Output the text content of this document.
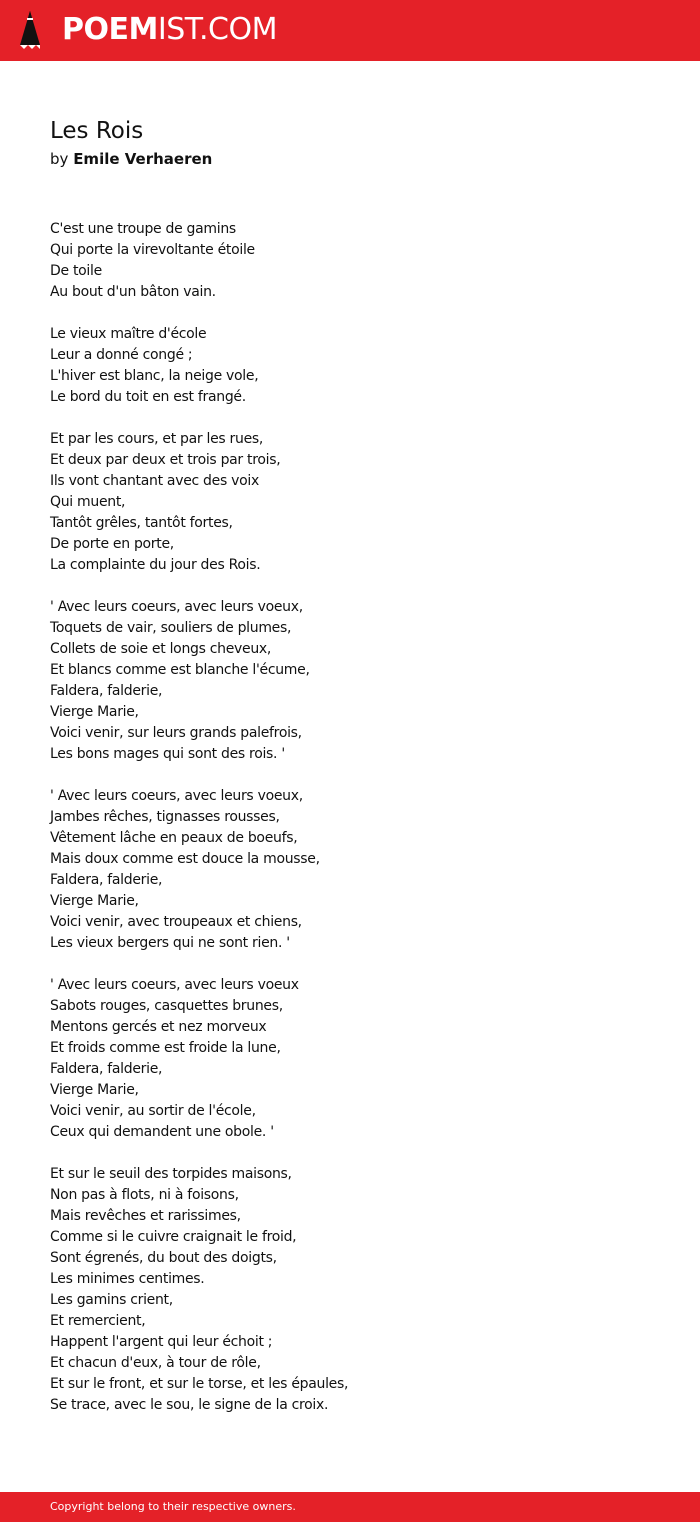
POEMIST.COM
Les Rois
by Emile Verhaeren
C'est une troupe de gamins
Qui porte la virevoltante étoile
De toile
Au bout d'un bâton vain.
Le vieux maître d'école
Leur a donné congé ;
L'hiver est blanc, la neige vole,
Le bord du toit en est frangé.
Et par les cours, et par les rues,
Et deux par deux et trois par trois,
Ils vont chantant avec des voix
Qui muent,
Tantôt grêles, tantôt fortes,
De porte en porte,
La complainte du jour des Rois.
' Avec leurs coeurs, avec leurs voeux,
Toquets de vair, souliers de plumes,
Collets de soie et longs cheveux,
Et blancs comme est blanche l'écume,
Faldera, falderie,
Vierge Marie,
Voici venir, sur leurs grands palefrois,
Les bons mages qui sont des rois. '
' Avec leurs coeurs, avec leurs voeux,
Jambes rêches, tignasses rousses,
Vêtement lâche en peaux de boeufs,
Mais doux comme est douce la mousse,
Faldera, falderie,
Vierge Marie,
Voici venir, avec troupeaux et chiens,
Les vieux bergers qui ne sont rien. '
' Avec leurs coeurs, avec leurs voeux
Sabots rouges, casquettes brunes,
Mentons gercés et nez morveux
Et froids comme est froide la lune,
Faldera, falderie,
Vierge Marie,
Voici venir, au sortir de l'école,
Ceux qui demandent une obole. '
Et sur le seuil des torpides maisons,
Non pas à flots, ni à foisons,
Mais revêches et rarissimes,
Comme si le cuivre craignait le froid,
Sont égrenés, du bout des doigts,
Les minimes centimes.
Les gamins crient,
Et remercient,
Happent l'argent qui leur échoit ;
Et chacun d'eux, à tour de rôle,
Et sur le front, et sur le torse, et les épaules,
Se trace, avec le sou, le signe de la croix.
Copyright belong to their respective owners.
